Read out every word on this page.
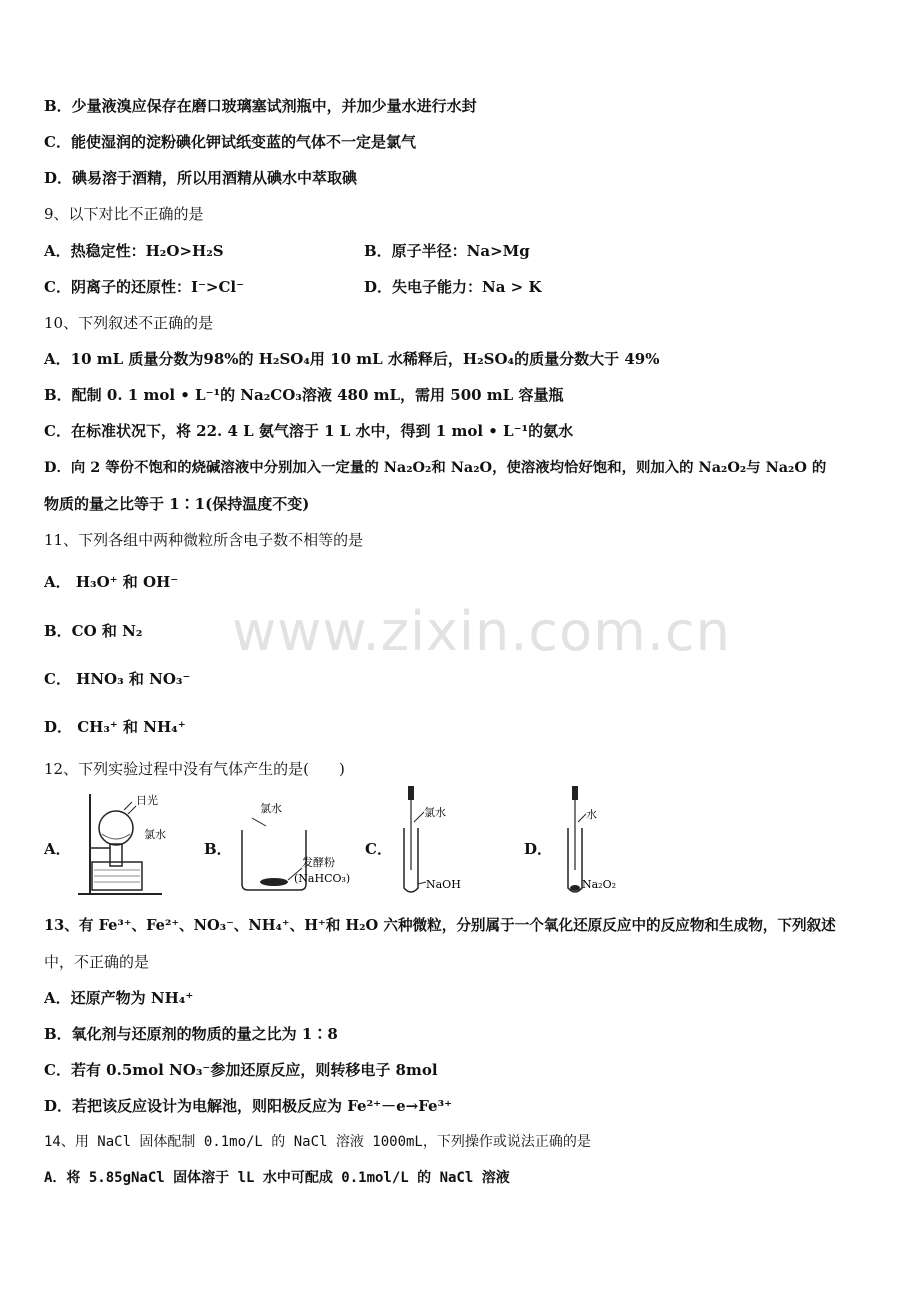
www.zixin.com.cn
B．少量液溴应保存在磨口玻璃塞试剂瓶中，并加少量水进行水封
C．能使湿润的淀粉碘化钾试纸变蓝的气体不一定是氯气
D．碘易溶于酒精，所以用酒精从碘水中萃取碘
9、以下对比不正确的是
A．热稳定性：H₂O>H₂S	B．原子半径：Na>Mg
C．阴离子的还原性：I⁻>Cl⁻	D．失电子能力：Na > K
10、下列叙述不正确的是
A．10 mL 质量分数为98%的 H₂SO₄用 10 mL 水稀释后，H₂SO₄的质量分数大于 49%
B．配制 0. 1 mol • L⁻¹的 Na₂CO₃溶液 480 mL，需用 500 mL 容量瓶
C．在标准状况下，将 22. 4 L 氨气溶于 1 L 水中，得到 1 mol • L⁻¹的氨水
D．向 2 等份不饱和的烧碱溶液中分别加入一定量的 Na₂O₂和 Na₂O，使溶液均恰好饱和，则加入的 Na₂O₂与 Na₂O 的
物质的量之比等于 1∶1(保持温度不变)
11、下列各组中两种微粒所含电子数不相等的是
A． H₃O⁺ 和 OH⁻
B．CO 和 N₂
C． HNO₃ 和 NO₃⁻
D． CH₃⁺ 和 NH₄⁺
12、下列实验过程中没有气体产生的是(　　)
A．	B．	C．	D．
日光
氯水
氯水
发酵粉
(NaHCO₃)
氯水
NaOH
水
Na₂O₂
13、有 Fe³⁺、Fe²⁺、NO₃⁻、NH₄⁺、H⁺和 H₂O 六种微粒，分别属于一个氧化还原反应中的反应物和生成物，下列叙述
中，不正确的是
A．还原产物为 NH₄⁺
B．氧化剂与还原剂的物质的量之比为 1∶8
C．若有 0.5mol NO₃⁻参加还原反应，则转移电子 8mol
D．若把该反应设计为电解池，则阳极反应为 Fe²⁺－e→Fe³⁺
14、用 NaCl 固体配制 0.1mo/L 的 NaCl 溶液 1000mL，下列操作或说法正确的是
A．将 5.85gNaCl 固体溶于 lL 水中可配成 0.1mol/L 的 NaCl 溶液
